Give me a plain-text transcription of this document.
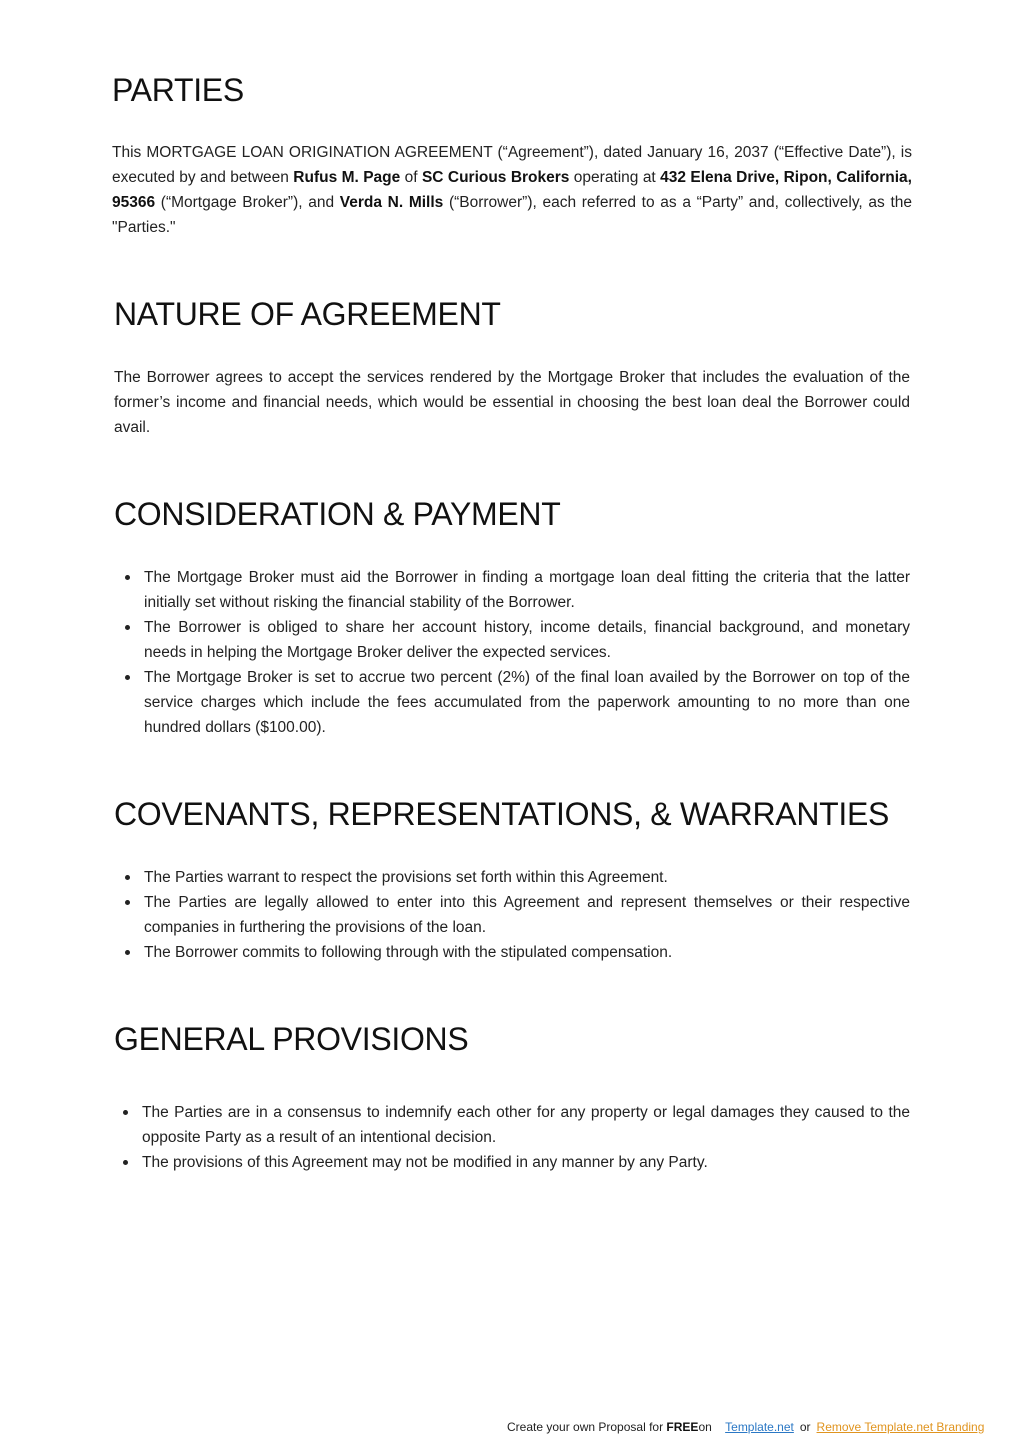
PARTIES

This MORTGAGE LOAN ORIGINATION AGREEMENT (“Agreement”), dated January 16, 2037 (“Effective Date”), is executed by and between Rufus M. Page of SC Curious Brokers operating at 432 Elena Drive, Ripon, California, 95366 (“Mortgage Broker”), and Verda N. Mills (“Borrower”), each referred to as a “Party” and, collectively, as the "Parties."

NATURE OF AGREEMENT

The Borrower agrees to accept the services rendered by the Mortgage Broker that includes the evaluation of the former’s income and financial needs, which would be essential in choosing the best loan deal the Borrower could avail.

CONSIDERATION & PAYMENT
The Mortgage Broker must aid the Borrower in finding a mortgage loan deal fitting the criteria that the latter initially set without risking the financial stability of the Borrower.
The Borrower is obliged to share her account history, income details, financial background, and monetary needs in helping the Mortgage Broker deliver the expected services.
The Mortgage Broker is set to accrue two percent (2%) of the final loan availed by the Borrower on top of the service charges which include the fees accumulated from the paperwork amounting to no more than one hundred dollars ($100.00).
COVENANTS, REPRESENTATIONS, & WARRANTIES
The Parties warrant to respect the provisions set forth within this Agreement.
The Parties are legally allowed to enter into this Agreement and represent themselves or their respective companies in furthering the provisions of the loan.
The Borrower commits to following through with the stipulated compensation.
GENERAL PROVISIONS
The Parties are in a consensus to indemnify each other for any property or legal damages they caused to the opposite Party as a result of an intentional decision.
The provisions of this Agreement may not be modified in any manner by any Party.
Create your own Proposal for FREEon Template.net or Remove Template.net Branding
